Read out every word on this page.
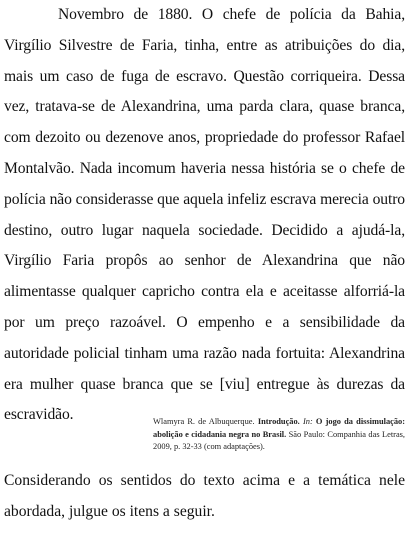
Novembro de 1880. O chefe de polícia da Bahia, Virgílio Silvestre de Faria, tinha, entre as atribuições do dia, mais um caso de fuga de escravo. Questão corriqueira. Dessa vez, tratava-se de Alexandrina, uma parda clara, quase branca, com dezoito ou dezenove anos, propriedade do professor Rafael Montalvão. Nada incomum haveria nessa história se o chefe de polícia não considerasse que aquela infeliz escrava merecia outro destino, outro lugar naquela sociedade. Decidido a ajudá-la, Virgílio Faria propôs ao senhor de Alexandrina que não alimentasse qualquer capricho contra ela e aceitasse alforriá-la por um preço razoável. O empenho e a sensibilidade da autoridade policial tinham uma razão nada fortuita: Alexandrina era mulher quase branca que se [viu] entregue às durezas da escravidão.	Wlamyra R. de Albuquerque. Introdução. In: O jogo da dissimulação: abolição e cidadania negra no Brasil. São Paulo: Companhia das Letras, 2009, p. 32-33 (com adaptações).

Considerando os sentidos do texto acima e a temática nele abordada, julgue os itens a seguir.
